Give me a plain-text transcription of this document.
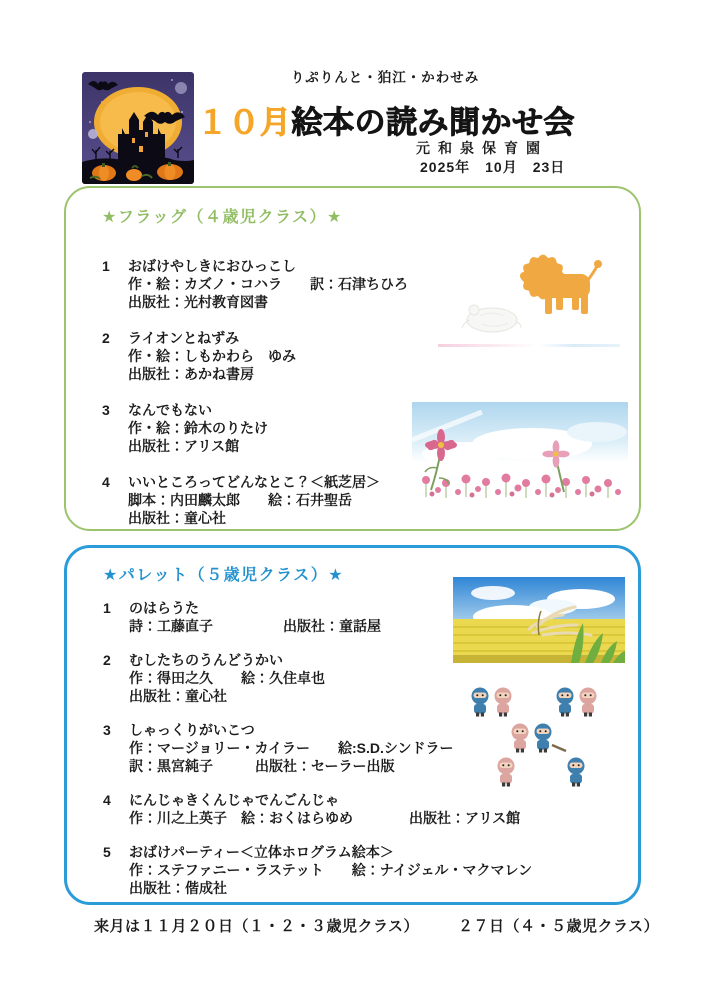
りぷりんと・狛江・かわせみ
１０月絵本の読み聞かせ会
元和泉保育園
2025年　10月　23日
★フラッグ（４歳児クラス）★
1 おばけやしきにおひっこし
作・絵：カズノ・コハラ　　訳：石津ちひろ
出版社：光村教育図書
2 ライオンとねずみ
作・絵：しもかわら　ゆみ
出版社：あかね書房
3 なんでもない
作・絵：鈴木のりたけ
出版社：アリス館
4 いいところってどんなとこ？＜紙芝居＞
脚本：内田麟太郎　　絵：石井聖岳
出版社：童心社
★パレット（５歳児クラス）★
1 のはらうた
詩：工藤直子　　　　　出版社：童話屋
2 むしたちのうんどうかい
作：得田之久　　絵：久住卓也
出版社：童心社
3 しゃっくりがいこつ
作：マージョリー・カイラー　　絵:S.D.シンドラー
訳：黒宮純子　　　出版社：セーラー出版
4 にんじゃきくんじゃでんごんじゃ
作：川之上英子　絵：おくはらゆめ　　　　出版社：アリス館
5 おばけパーティー＜立体ホログラム絵本＞
作：ステファニー・ラステット　　絵：ナイジェル・マクマレン
出版社：偕成社
来月は１１月２０日（１・２・３歳児クラス）　　　２７日（４・５歳児クラス）
